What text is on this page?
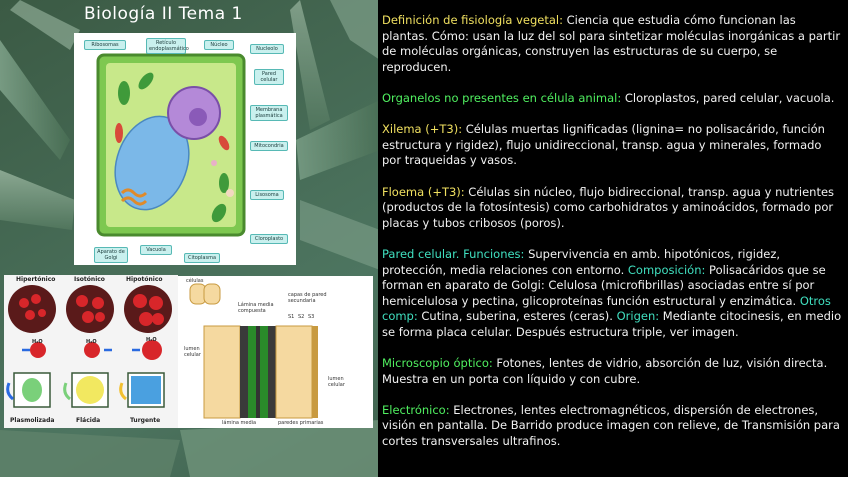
Biología II Tema 1
Ribosomas	Retículo endoplasmático
Núcleo
Nucleolo
Pared celular
Membrana plasmática
Mitocondria
Lisosoma
Cloroplasto
Citoplasma
Vacuola
Aparato de Golgi
Hipertónico	Isotónico	Hipotónico
H₂O	H₂O	H₂O
Plasmolizada	Flácida	Turgente
células
Lámina media compuesta
capas de pared secundaria
S1 S2 S3
lumen celular
lumen celular
lámina media	paredes primarias

Definición de fisiología vegetal: Ciencia que estudia cómo funcionan las plantas. Cómo: usan la luz del sol para sintetizar moléculas inorgánicas a partir de moléculas orgánicas, construyen las estructuras de su cuerpo, se reproducen.

Organelos no presentes en célula animal: Cloroplastos, pared celular, vacuola.

Xilema (+T3): Células muertas lignificadas (lignina= no polisacárido, función estructura y rigidez), flujo unidireccional, transp. agua y minerales, formado por traqueidas y vasos.

Floema (+T3): Células sin núcleo, flujo bidireccional, transp. agua y nutrientes (productos de la fotosíntesis) como carbohidratos y aminoácidos, formado por placas y tubos cribosos (poros).

Pared celular. Funciones: Supervivencia en amb. hipotónicos, rigidez, protección, media relaciones con entorno. Composición: Polisacáridos que se forman en aparato de Golgi: Celulosa (microfibrillas) asociadas entre sí por hemicelulosa y pectina, glicoproteínas función estructural y enzimática. Otros comp: Cutina, suberina, esteres (ceras). Origen: Mediante citocinesis, en medio se forma placa celular. Después estructura triple, ver imagen.

Microscopio óptico: Fotones, lentes de vidrio, absorción de luz, visión directa. Muestra en un porta con líquido y con cubre.

Electrónico: Electrones, lentes electromagnéticos, dispersión de electrones, visión en pantalla. De Barrido produce imagen con relieve, de Transmisión para cortes transversales ultrafinos.
